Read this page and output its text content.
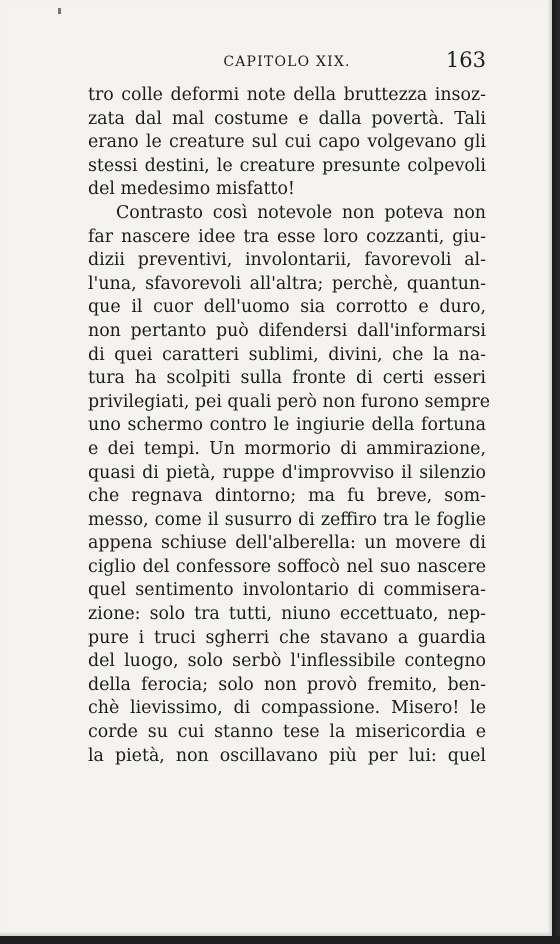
CAPITOLO XIX.	163
tro colle deformi note della bruttezza insoz-
zata dal mal costume e dalla povertà. Tali
erano le creature sul cui capo volgevano gli
stessi destini, le creature presunte colpevoli
del medesimo misfatto!
Contrasto così notevole non poteva non
far nascere idee tra esse loro cozzanti, giu-
dizii preventivi, involontarii, favorevoli al-
l'una, sfavorevoli all'altra; perchè, quantun-
que il cuor dell'uomo sia corrotto e duro,
non pertanto può difendersi dall'informarsi
di quei caratteri sublimi, divini, che la na-
tura ha scolpiti sulla fronte di certi esseri
privilegiati, pei quali però non furono sempre
uno schermo contro le ingiurie della fortuna
e dei tempi. Un mormorio di ammirazione,
quasi di pietà, ruppe d'improvviso il silenzio
che regnava dintorno; ma fu breve, som-
messo, come il susurro di zeffiro tra le foglie
appena schiuse dell'alberella: un movere di
ciglio del confessore soffocò nel suo nascere
quel sentimento involontario di commisera-
zione: solo tra tutti, niuno eccettuato, nep-
pure i truci sgherri che stavano a guardia
del luogo, solo serbò l'inflessibile contegno
della ferocia; solo non provò fremito, ben-
chè lievissimo, di compassione. Misero! le
corde su cui stanno tese la misericordia e
la pietà, non oscillavano più per lui: quel
